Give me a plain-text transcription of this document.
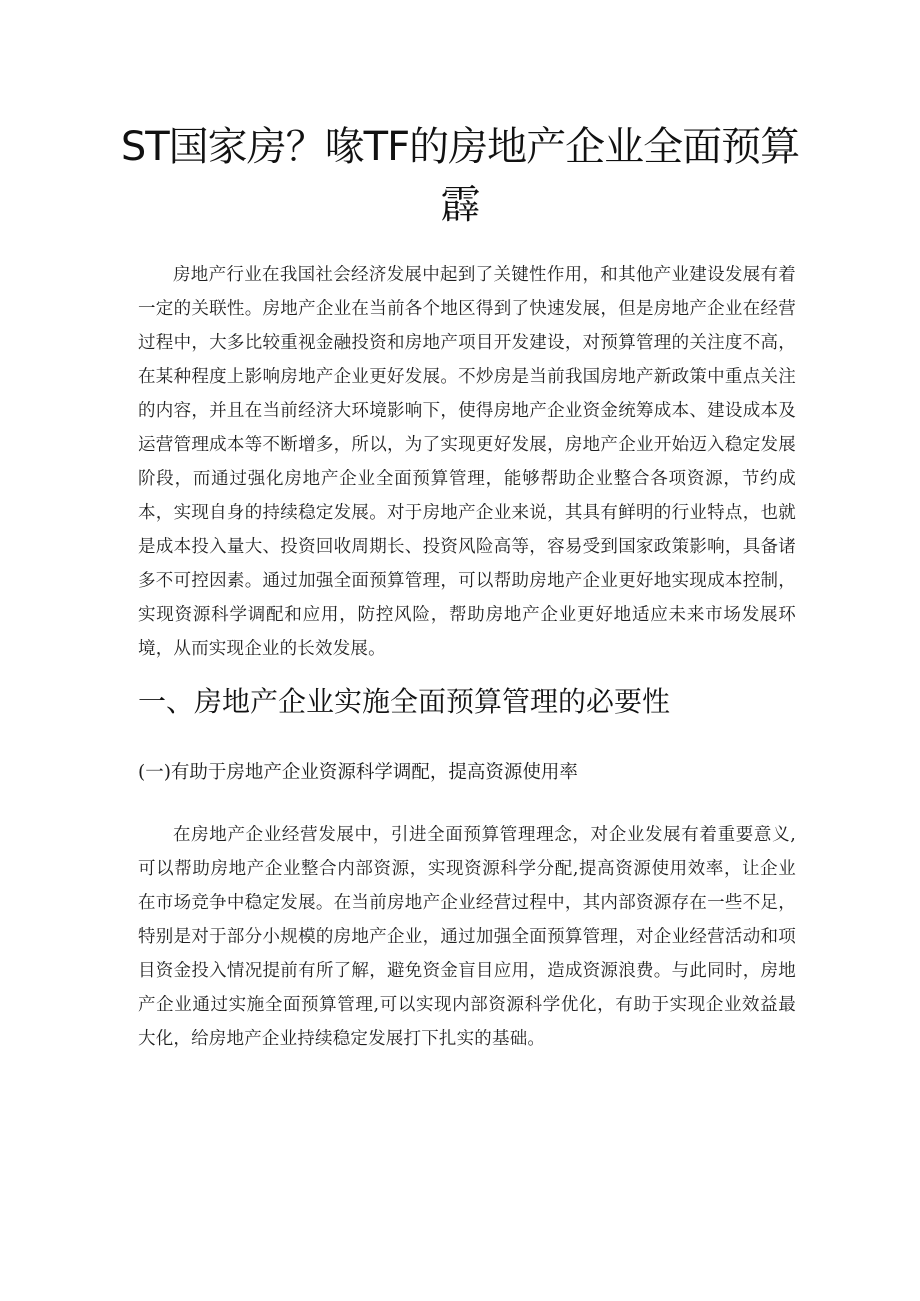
ST国家房？喙TF的房地产企业全面预算 霹

房地产行业在我国社会经济发展中起到了关键性作用，和其他产业建设发展有着一定的关联性。房地产企业在当前各个地区得到了快速发展，但是房地产企业在经营过程中，大多比较重视金融投资和房地产项目开发建设，对预算管理的关注度不高，在某种程度上影响房地产企业更好发展。不炒房是当前我国房地产新政策中重点关注的内容，并且在当前经济大环境影响下，使得房地产企业资金统筹成本、建设成本及运营管理成本等不断增多，所以，为了实现更好发展，房地产企业开始迈入稳定发展阶段，而通过强化房地产企业全面预算管理，能够帮助企业整合各项资源，节约成本，实现自身的持续稳定发展。对于房地产企业来说，其具有鲜明的行业特点，也就是成本投入量大、投资回收周期长、投资风险高等，容易受到国家政策影响，具备诸多不可控因素。通过加强全面预算管理，可以帮助房地产企业更好地实现成本控制，实现资源科学调配和应用，防控风险，帮助房地产企业更好地适应未来市场发展环境，从而实现企业的长效发展。

一、房地产企业实施全面预算管理的必要性
(一)有助于房地产企业资源科学调配，提高资源使用率

在房地产企业经营发展中，引进全面预算管理理念，对企业发展有着重要意义,可以帮助房地产企业整合内部资源，实现资源科学分配,提高资源使用效率，让企业在市场竞争中稳定发展。在当前房地产企业经营过程中，其内部资源存在一些不足，特别是对于部分小规模的房地产企业，通过加强全面预算管理，对企业经营活动和项目资金投入情况提前有所了解，避免资金盲目应用，造成资源浪费。与此同时，房地产企业通过实施全面预算管理,可以实现内部资源科学优化，有助于实现企业效益最大化，给房地产企业持续稳定发展打下扎实的基础。
